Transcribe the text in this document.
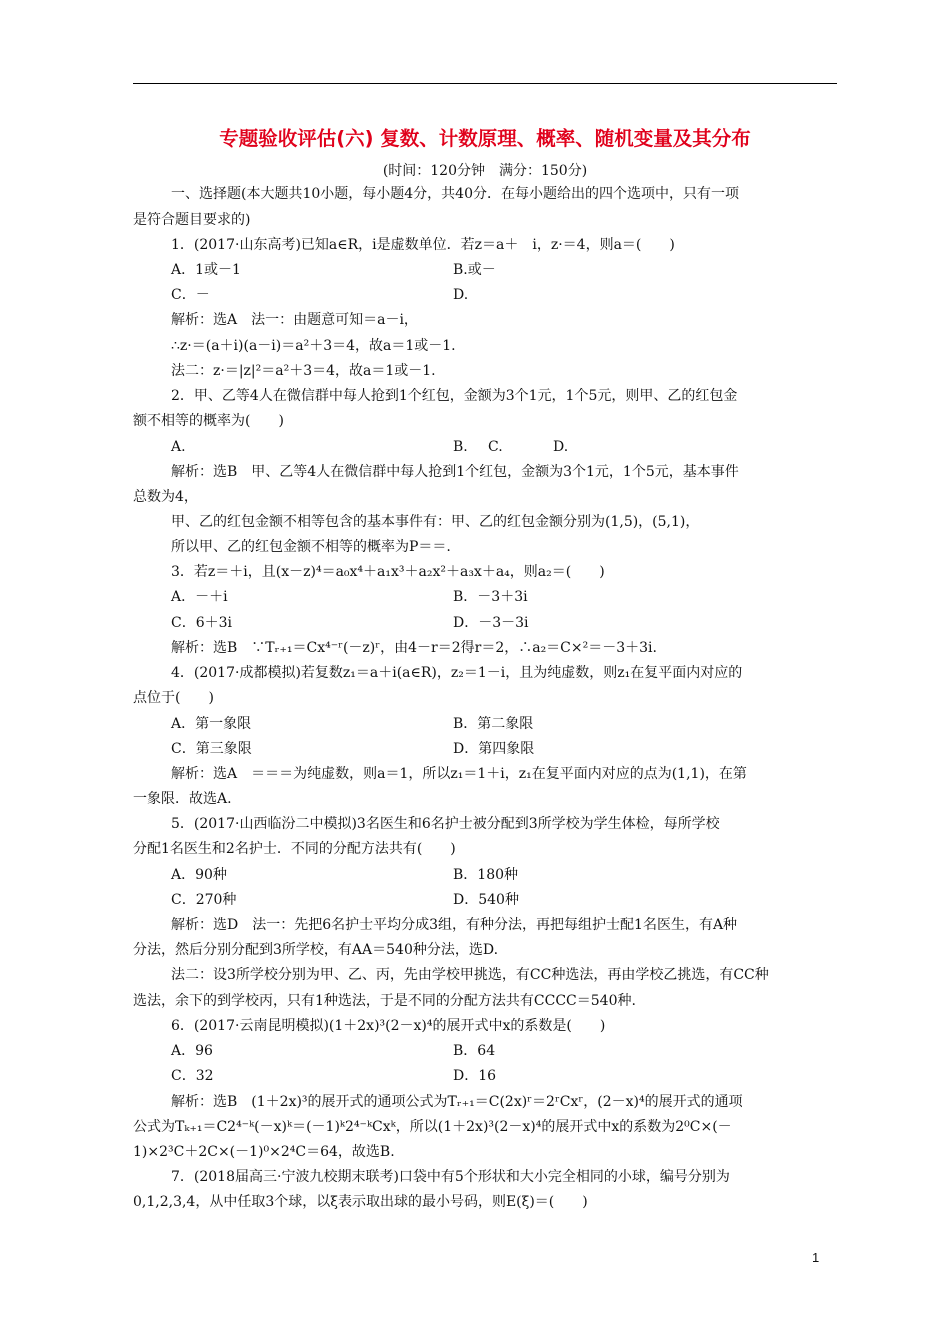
专题验收评估(六) 复数、计数原理、概率、随机变量及其分布
(时间：120分钟　满分：150分)
一、选择题(本大题共10小题，每小题4分，共40分．在每小题给出的四个选项中，只有一项
是符合题目要求的)
1．(2017·山东高考)已知a∈R，i是虚数单位．若z＝a＋　i，z·＝4，则a＝(　　)
A．1或－1	B.或－
C．－	D.
解析：选A　法一：由题意可知＝a－i，
∴z·＝(a＋i)(a－i)＝a²＋3＝4，故a＝1或－1.
法二：z·＝|z|²＝a²＋3＝4，故a＝1或－1.
2．甲、乙等4人在微信群中每人抢到1个红包，金额为3个1元，1个5元，则甲、乙的红包金
额不相等的概率为(　　)
A.	B. C.	D.
解析：选B　甲、乙等4人在微信群中每人抢到1个红包，金额为3个1元，1个5元，基本事件
总数为4，
甲、乙的红包金额不相等包含的基本事件有：甲、乙的红包金额分别为(1,5)，(5,1)，
所以甲、乙的红包金额不相等的概率为P＝＝.
3．若z＝＋i，且(x－z)⁴＝a₀x⁴＋a₁x³＋a₂x²＋a₃x＋a₄，则a₂＝(　　)
A．－＋i	B．－3＋3i
C．6＋3i	D．－3－3i
解析：选B　∵Tᵣ₊₁＝Cx⁴⁻ʳ(－z)ʳ，由4－r＝2得r＝2，∴a₂＝C×²＝－3＋3i.
4．(2017·成都模拟)若复数z₁＝a＋i(a∈R)，z₂＝1－i，且为纯虚数，则z₁在复平面内对应的
点位于(　　)
A．第一象限	B．第二象限
C．第三象限	D．第四象限
解析：选A　＝＝＝为纯虚数，则a＝1，所以z₁＝1＋i，z₁在复平面内对应的点为(1,1)，在第
一象限．故选A.
5．(2017·山西临汾二中模拟)3名医生和6名护士被分配到3所学校为学生体检，每所学校
分配1名医生和2名护士．不同的分配方法共有(　　)
A．90种	B．180种
C．270种	D．540种
解析：选D　法一：先把6名护士平均分成3组，有种分法，再把每组护士配1名医生，有A种
分法，然后分别分配到3所学校，有AA＝540种分法，选D.
法二：设3所学校分别为甲、乙、丙，先由学校甲挑选，有CC种选法，再由学校乙挑选，有CC种
选法，余下的到学校丙，只有1种选法，于是不同的分配方法共有CCCC＝540种.
6．(2017·云南昆明模拟)(1＋2x)³(2－x)⁴的展开式中x的系数是(　　)
A．96	B．64
C．32	D．16
解析：选B　(1＋2x)³的展开式的通项公式为Tᵣ₊₁＝C(2x)ʳ＝2ʳCxʳ，(2－x)⁴的展开式的通项
公式为Tₖ₊₁＝C2⁴⁻ᵏ(－x)ᵏ＝(－1)ᵏ2⁴⁻ᵏCxᵏ，所以(1＋2x)³(2－x)⁴的展开式中x的系数为2⁰C×(－
1)×2³C＋2C×(－1)⁰×2⁴C＝64，故选B.
7．(2018届高三·宁波九校期末联考)口袋中有5个形状和大小完全相同的小球，编号分别为
0,1,2,3,4，从中任取3个球，以ξ表示取出球的最小号码，则E(ξ)＝(　　)
1
